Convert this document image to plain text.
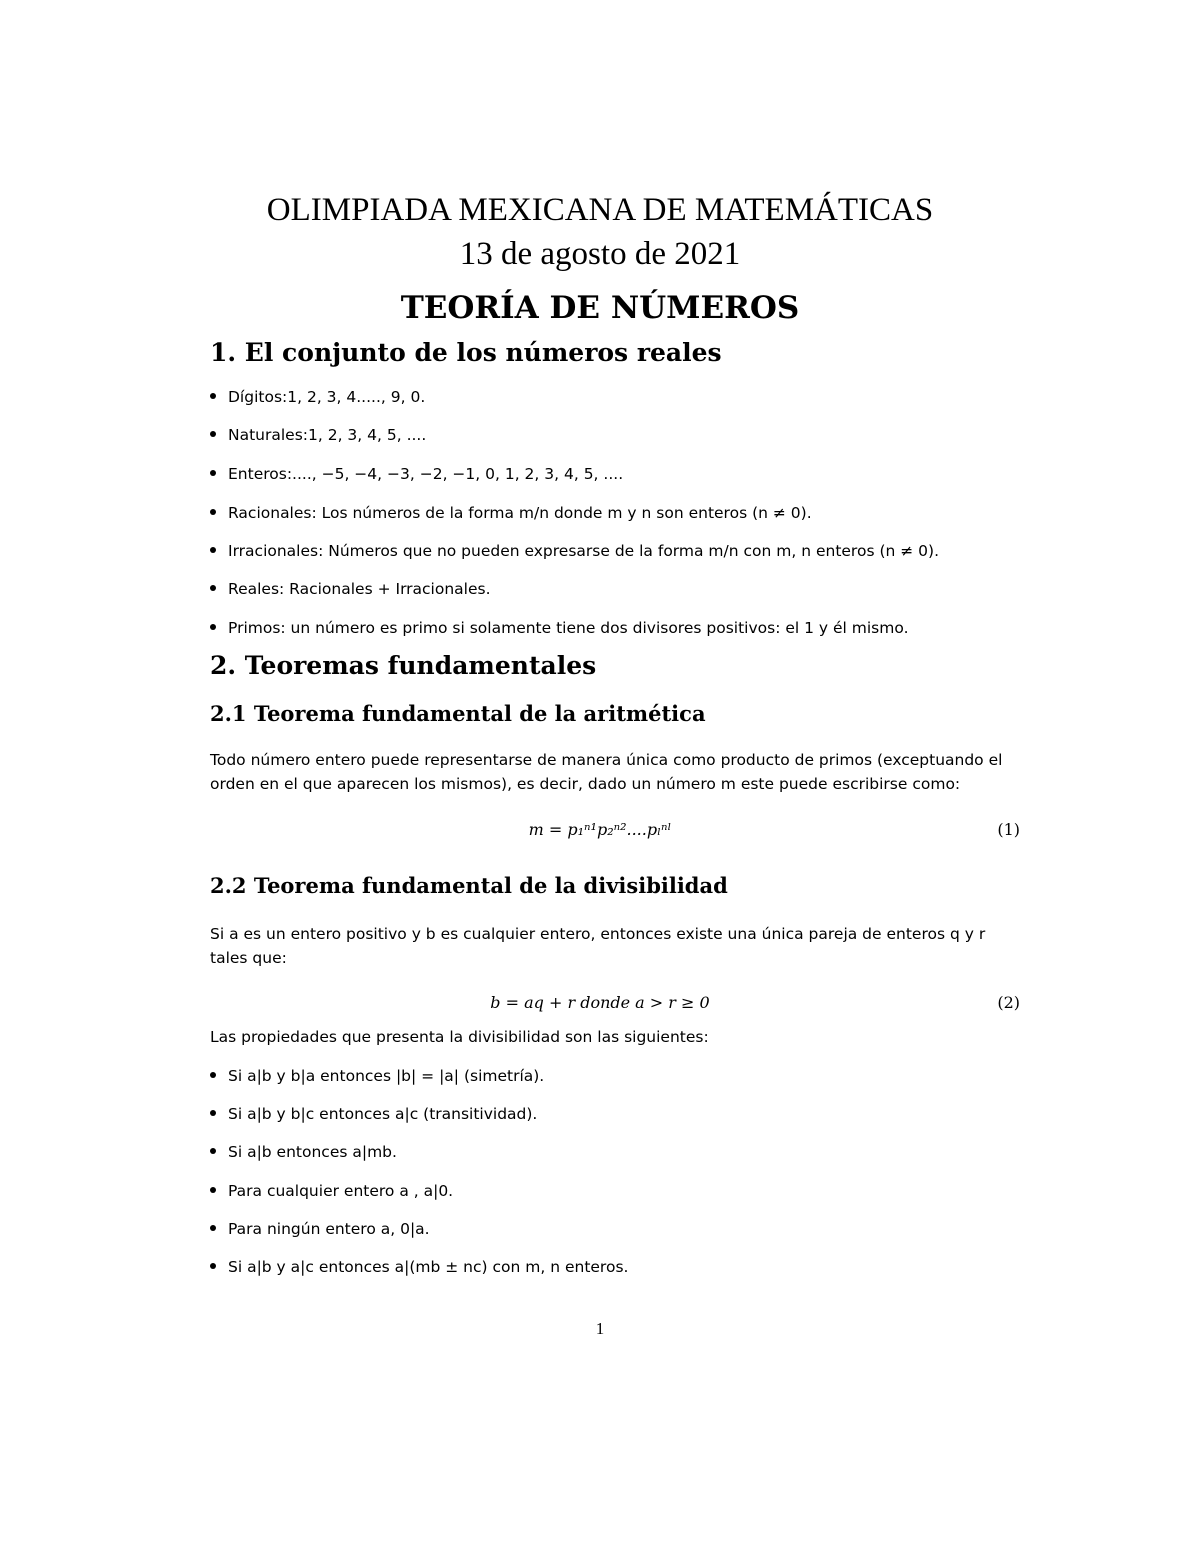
OLIMPIADA MEXICANA DE MATEMÁTICAS
13 de agosto de 2021
TEORÍA DE NÚMEROS
1. El conjunto de los números reales
Dígitos:1, 2, 3, 4....., 9, 0.
Naturales:1, 2, 3, 4, 5, ....
Enteros:...., −5, −4, −3, −2, −1, 0, 1, 2, 3, 4, 5, ....
Racionales: Los números de la forma m/n donde m y n son enteros (n ≠ 0).
Irracionales: Números que no pueden expresarse de la forma m/n con m, n enteros (n ≠ 0).
Reales: Racionales + Irracionales.
Primos: un número es primo si solamente tiene dos divisores positivos: el 1 y él mismo.
2. Teoremas fundamentales
2.1 Teorema fundamental de la aritmética
Todo número entero puede representarse de manera única como producto de primos (exceptuando el orden en el que aparecen los mismos), es decir, dado un número m este puede escribirse como:
m = p₁ⁿ¹p₂ⁿ²....pₗⁿˡ	(1)
2.2 Teorema fundamental de la divisibilidad
Si a es un entero positivo y b es cualquier entero, entonces existe una única pareja de enteros q y r tales que:
b = aq + r donde a > r ≥ 0	(2)
Las propiedades que presenta la divisibilidad son las siguientes:
Si a|b y b|a entonces |b| = |a| (simetría).
Si a|b y b|c entonces a|c (transitividad).
Si a|b entonces a|mb.
Para cualquier entero a , a|0.
Para ningún entero a, 0|a.
Si a|b y a|c entonces a|(mb ± nc) con m, n enteros.
1
